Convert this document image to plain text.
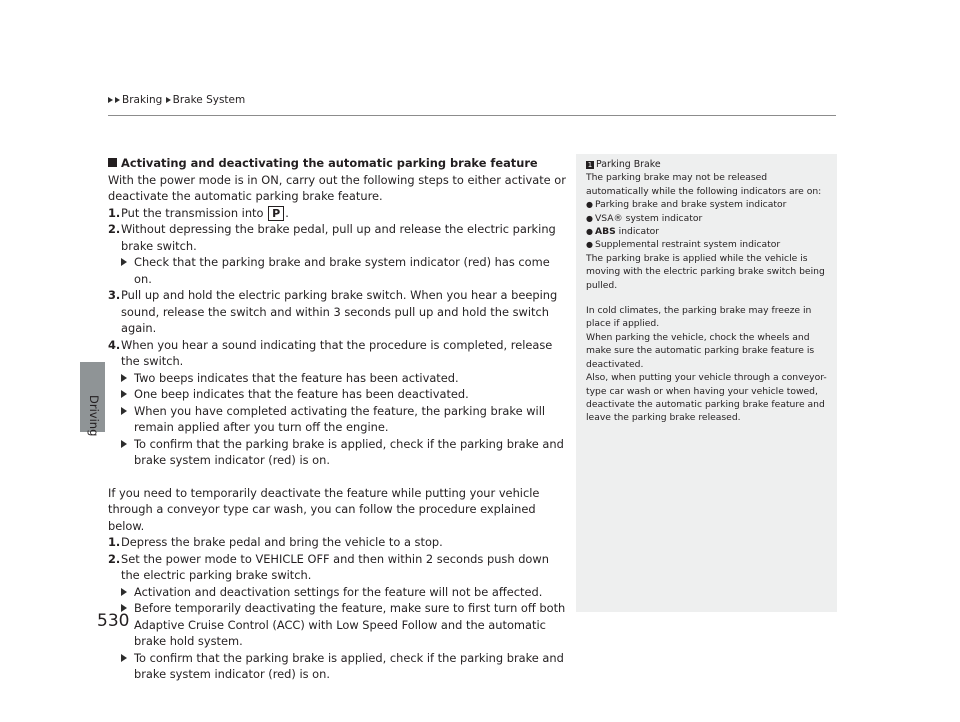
Braking Brake System
Driving
530

Activating and deactivating the automatic parking brake feature

With the power mode is in ON, carry out the following steps to either activate or deactivate the automatic parking brake feature.

1. Put the transmission into P .
2. Without depressing the brake pedal, pull up and release the electric parking brake switch.
Check that the parking brake and brake system indicator (red) has come on.
3. Pull up and hold the electric parking brake switch. When you hear a beeping sound, release the switch and within 3 seconds pull up and hold the switch again.
4. When you hear a sound indicating that the procedure is completed, release the switch.
Two beeps indicates that the feature has been activated.
One beep indicates that the feature has been deactivated.
When you have completed activating the feature, the parking brake will remain applied after you turn off the engine.
To confirm that the parking brake is applied, check if the parking brake and brake system indicator (red) is on.

If you need to temporarily deactivate the feature while putting your vehicle through a conveyor type car wash, you can follow the procedure explained below.

1. Depress the brake pedal and bring the vehicle to a stop.
2. Set the power mode to VEHICLE OFF and then within 2 seconds push down the electric parking brake switch.
Activation and deactivation settings for the feature will not be affected.
Before temporarily deactivating the feature, make sure to first turn off both Adaptive Cruise Control (ACC) with Low Speed Follow and the automatic brake hold system.
To confirm that the parking brake is applied, check if the parking brake and brake system indicator (red) is on.

1 Parking Brake

The parking brake may not be released automatically while the following indicators are on:

● Parking brake and brake system indicator

● VSA® system indicator

● ABS indicator

● Supplemental restraint system indicator

The parking brake is applied while the vehicle is moving with the electric parking brake switch being pulled.

In cold climates, the parking brake may freeze in place if applied.

When parking the vehicle, chock the wheels and make sure the automatic parking brake feature is deactivated.

Also, when putting your vehicle through a conveyor-type car wash or when having your vehicle towed, deactivate the automatic parking brake feature and leave the parking brake released.
